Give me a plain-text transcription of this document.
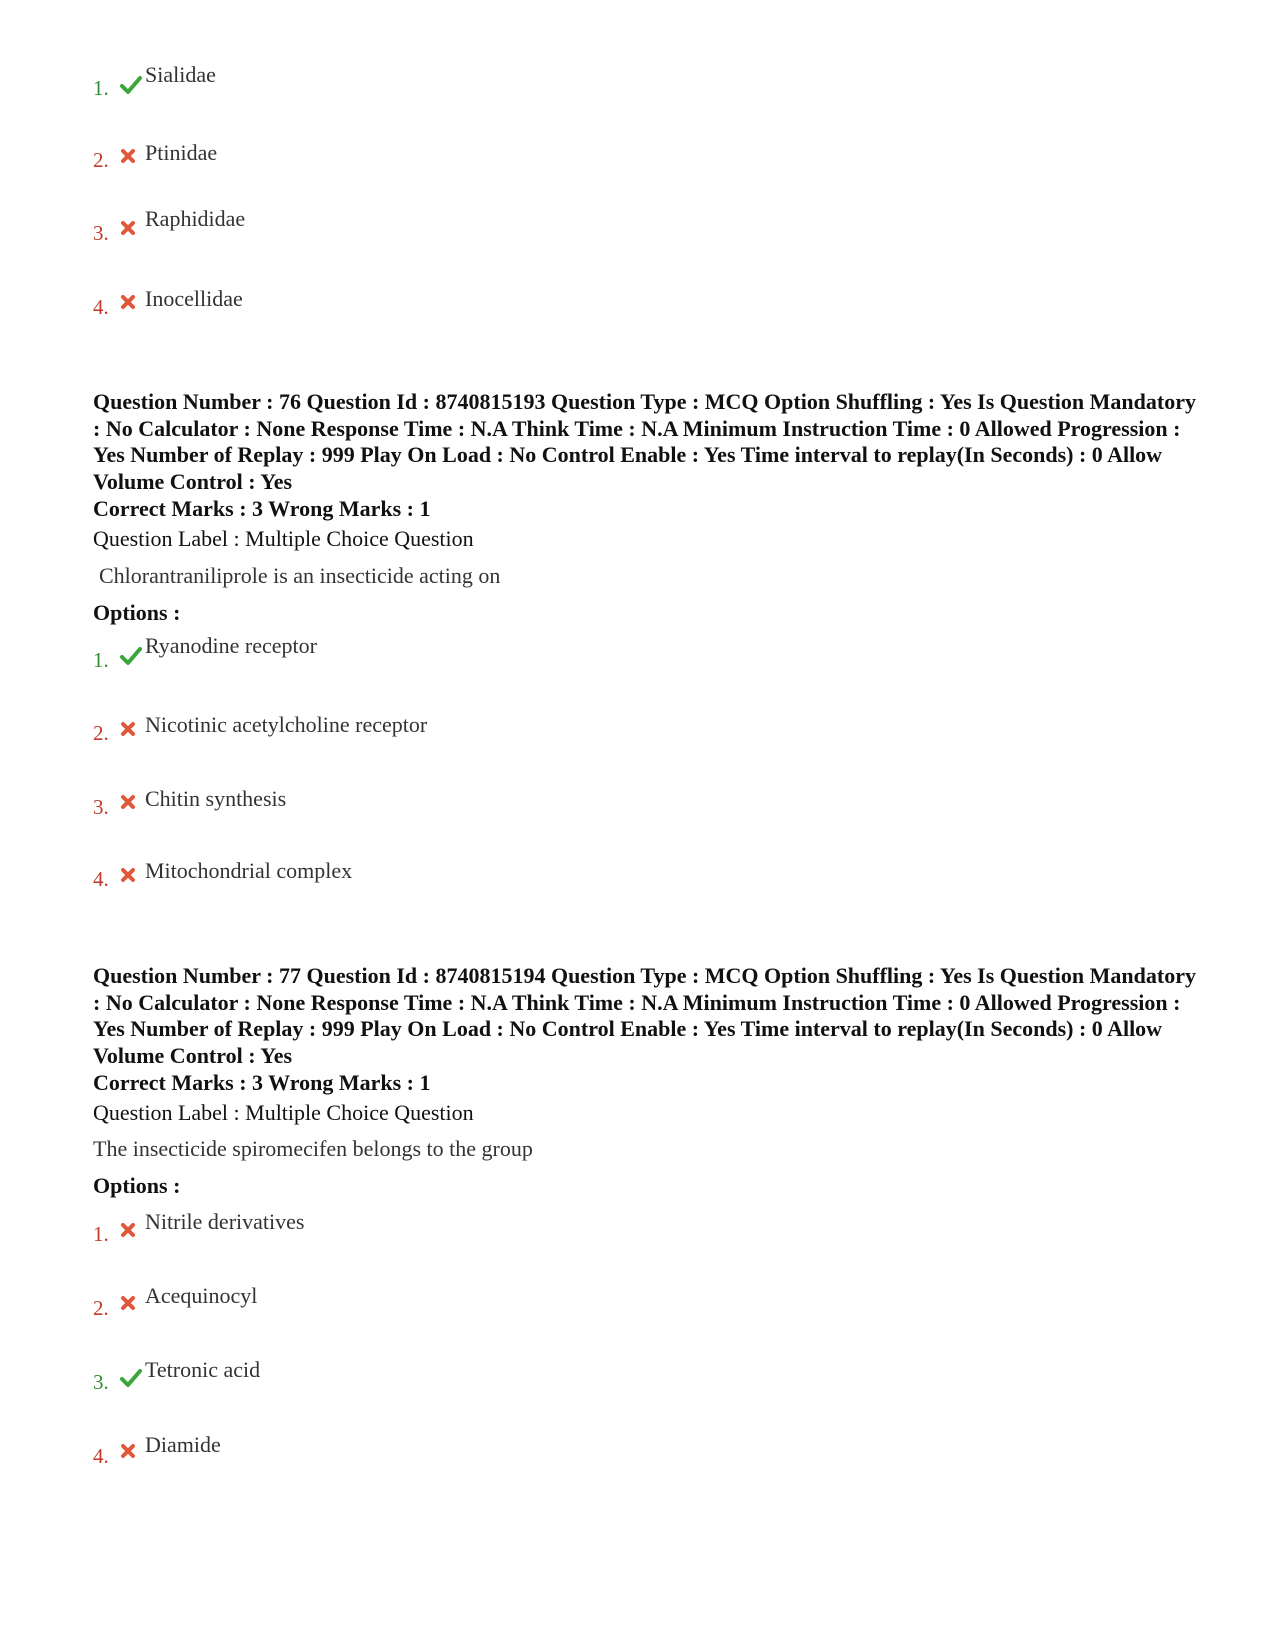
1.
Sialidae
2. Ptinidae
3.
Raphididae
4. Inocellidae
Question Number : 76 Question Id : 8740815193 Question Type : MCQ Option Shuffling : Yes Is Question Mandatory : No Calculator : None Response Time : N.A Think Time : N.A Minimum Instruction Time : 0 Allowed Progression : Yes Number of Replay : 999 Play On Load : No Control Enable : Yes Time interval to replay(In Seconds) : 0 Allow Volume Control : Yes
Correct Marks : 3 Wrong Marks : 1
Question Label : Multiple Choice Question
Chlorantraniliprole is an insecticide acting on
Options :
1.
Ryanodine receptor
2. Nicotinic acetylcholine receptor
3. Chitin synthesis
4. Mitochondrial complex
Question Number : 77 Question Id : 8740815194 Question Type : MCQ Option Shuffling : Yes Is Question Mandatory : No Calculator : None Response Time : N.A Think Time : N.A Minimum Instruction Time : 0 Allowed Progression : Yes Number of Replay : 999 Play On Load : No Control Enable : Yes Time interval to replay(In Seconds) : 0 Allow Volume Control : Yes
Correct Marks : 3 Wrong Marks : 1
Question Label : Multiple Choice Question
The insecticide spiromecifen belongs to the group
Options :
1. Nitrile derivatives
2. Acequinocyl
3. Tetronic acid
4. Diamide
